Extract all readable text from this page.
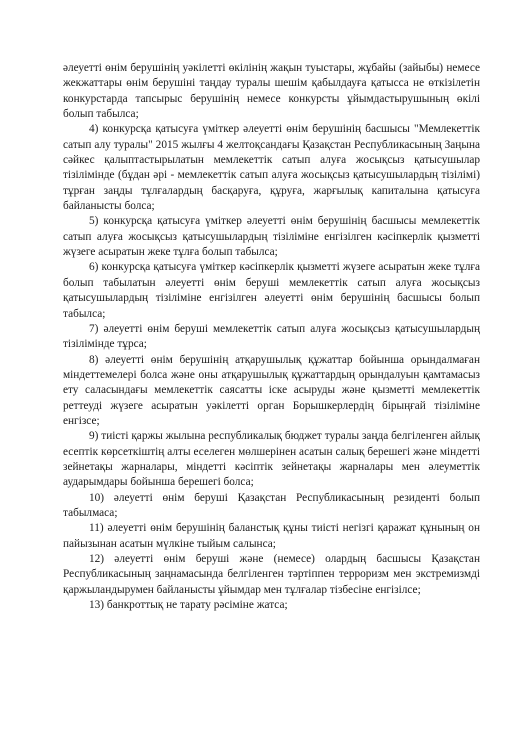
әлеуетті өнім берушінің уәкілетті өкілінің жақын туыстары, жұбайы (зайыбы) немесе жекжаттары өнім берушіні таңдау туралы шешім қабылдауға қатысса не өткізілетін конкурстарда тапсырыс берушінің немесе конкурсты ұйымдастырушының өкілі болып табылса;

4) конкурсқа қатысуға үміткер әлеуетті өнім берушінің басшысы "Мемлекеттік сатып алу туралы" 2015 жылғы 4 желтоқсандағы Қазақстан Республикасының Заңына сәйкес қалыптастырылатын мемлекеттік сатып алуға жосықсыз қатысушылар тізілімінде (бұдан әрі - мемлекеттік сатып алуға жосықсыз қатысушылардың тізілімі) тұрған заңды тұлғалардың басқаруға, құруға, жарғылық капиталына қатысуға байланысты болса;

5) конкурсқа қатысуға үміткер әлеуетті өнім берушінің басшысы мемлекеттік сатып алуға жосықсыз қатысушылардың тізіліміне енгізілген кәсіпкерлік қызметті жүзеге асыратын жеке тұлға болып табылса;

6) конкурсқа қатысуға үміткер кәсіпкерлік қызметті жүзеге асыратын жеке тұлға болып табылатын әлеуетті өнім беруші мемлекеттік сатып алуға жосықсыз қатысушылардың тізіліміне енгізілген әлеуетті өнім берушінің басшысы болып табылса;

7) әлеуетті өнім беруші мемлекеттік сатып алуға жосықсыз қатысушылардың тізілімінде тұрса;

8) әлеуетті өнім берушінің атқарушылық құжаттар бойынша орындалмаған міндеттемелері болса және оны атқарушылық құжаттардың орындалуын қамтамасыз ету саласындағы мемлекеттік саясатты іске асыруды және қызметті мемлекеттік реттеуді жүзеге асыратын уәкілетті орган Борышкерлердің бірыңғай тізіліміне енгізсе;

9) тиісті қаржы жылына республикалық бюджет туралы заңда белгіленген айлық есептік көрсеткіштің алты еселеген мөлшерінен асатын салық берешегі және міндетті зейнетақы жарналары, міндетті кәсіптік зейнетақы жарналары мен әлеуметтік аударымдары бойынша берешегі болса;

10) әлеуетті өнім беруші Қазақстан Республикасының резиденті болып табылмаса;

11) әлеуетті өнім берушінің баланстық құны тиісті негізгі қаражат құнының он пайызынан асатын мүлкіне тыйым салынса;

12) әлеуетті өнім беруші және (немесе) олардың басшысы Қазақстан Республикасының заңнамасында белгіленген тәртіппен терроризм мен экстремизмді қаржыландырумен байланысты ұйымдар мен тұлғалар тізбесіне енгізілсе;

13) банкроттық не тарату рәсіміне жатса;
